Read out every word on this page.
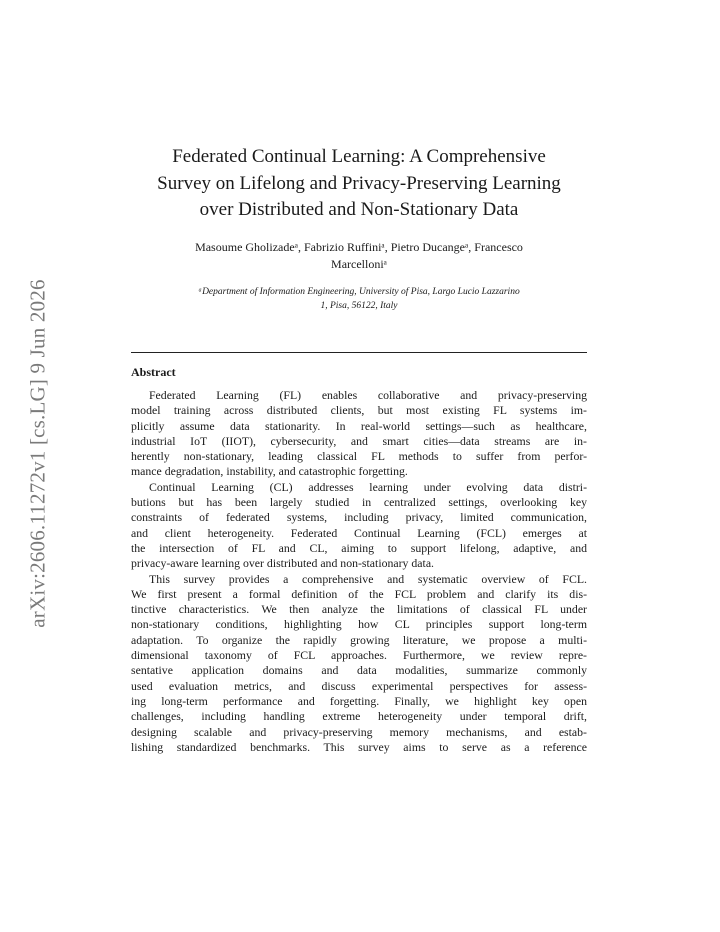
arXiv:2606.11272v1 [cs.LG] 9 Jun 2026
Federated Continual Learning: A Comprehensive
Survey on Lifelong and Privacy-Preserving Learning
over Distributed and Non-Stationary Data
Masoume Gholizadeᵃ, Fabrizio Ruffiniᵃ, Pietro Ducangeᵃ, Francesco
Marcelloniᵃ
ᵃDepartment of Information Engineering, University of Pisa, Largo Lucio Lazzarino
1, Pisa, 56122, Italy
Abstract
Federated Learning (FL) enables collaborative and privacy-preserving
model training across distributed clients, but most existing FL systems im-
plicitly assume data stationarity. In real-world settings—such as healthcare,
industrial IoT (IIOT), cybersecurity, and smart cities—data streams are in-
herently non-stationary, leading classical FL methods to suffer from perfor-
mance degradation, instability, and catastrophic forgetting.
Continual Learning (CL) addresses learning under evolving data distri-
butions but has been largely studied in centralized settings, overlooking key
constraints of federated systems, including privacy, limited communication,
and client heterogeneity. Federated Continual Learning (FCL) emerges at
the intersection of FL and CL, aiming to support lifelong, adaptive, and
privacy-aware learning over distributed and non-stationary data.
This survey provides a comprehensive and systematic overview of FCL.
We first present a formal definition of the FCL problem and clarify its dis-
tinctive characteristics. We then analyze the limitations of classical FL under
non-stationary conditions, highlighting how CL principles support long-term
adaptation. To organize the rapidly growing literature, we propose a multi-
dimensional taxonomy of FCL approaches. Furthermore, we review repre-
sentative application domains and data modalities, summarize commonly
used evaluation metrics, and discuss experimental perspectives for assess-
ing long-term performance and forgetting. Finally, we highlight key open
challenges, including handling extreme heterogeneity under temporal drift,
designing scalable and privacy-preserving memory mechanisms, and estab-
lishing standardized benchmarks. This survey aims to serve as a reference
